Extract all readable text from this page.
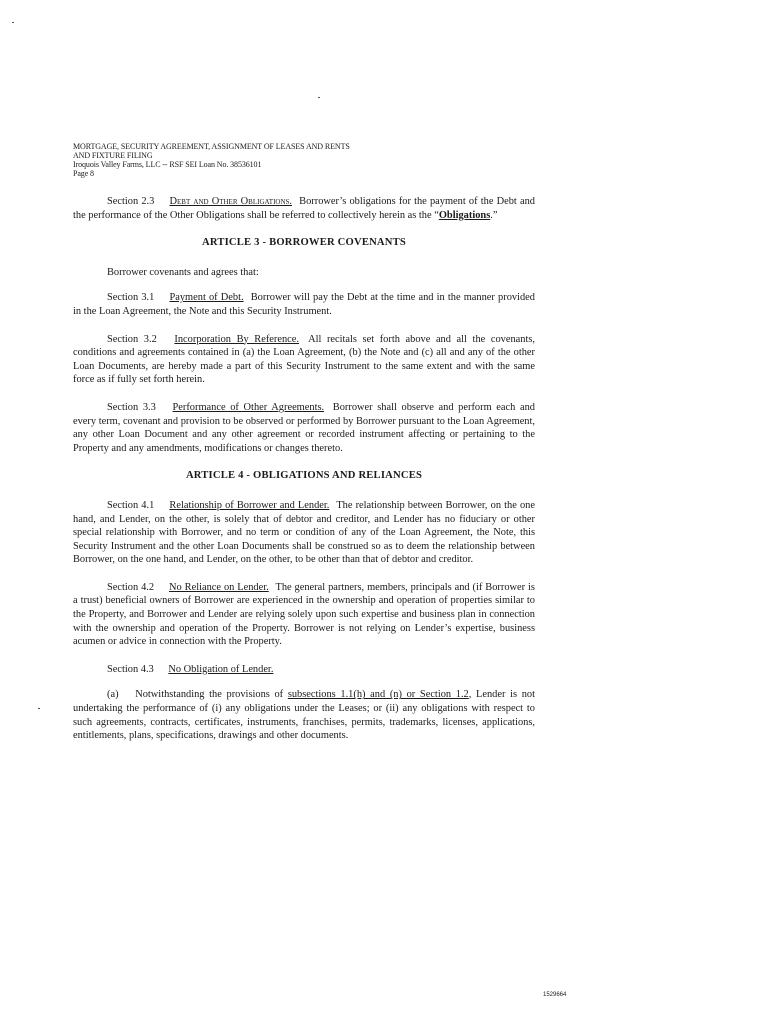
MORTGAGE, SECURITY AGREEMENT, ASSIGNMENT OF LEASES AND RENTS
AND FIXTURE FILING
Iroquois Valley Farms, LLC -- RSF SEI Loan No. 38536101
Page 8

Section 2.3 Debt and Other Obligations. Borrower’s obligations for the payment of the Debt and the performance of the Other Obligations shall be referred to collectively herein as the “Obligations.”

ARTICLE 3 - BORROWER COVENANTS

Borrower covenants and agrees that:

Section 3.1 Payment of Debt. Borrower will pay the Debt at the time and in the manner provided in the Loan Agreement, the Note and this Security Instrument.

Section 3.2 Incorporation By Reference. All recitals set forth above and all the covenants, conditions and agreements contained in (a) the Loan Agreement, (b) the Note and (c) all and any of the other Loan Documents, are hereby made a part of this Security Instrument to the same extent and with the same force as if fully set forth herein.

Section 3.3 Performance of Other Agreements. Borrower shall observe and perform each and every term, covenant and provision to be observed or performed by Borrower pursuant to the Loan Agreement, any other Loan Document and any other agreement or recorded instrument affecting or pertaining to the Property and any amendments, modifications or changes thereto.

ARTICLE 4 - OBLIGATIONS AND RELIANCES

Section 4.1 Relationship of Borrower and Lender. The relationship between Borrower, on the one hand, and Lender, on the other, is solely that of debtor and creditor, and Lender has no fiduciary or other special relationship with Borrower, and no term or condition of any of the Loan Agreement, the Note, this Security Instrument and the other Loan Documents shall be construed so as to deem the relationship between Borrower, on the one hand, and Lender, on the other, to be other than that of debtor and creditor.

Section 4.2 No Reliance on Lender. The general partners, members, principals and (if Borrower is a trust) beneficial owners of Borrower are experienced in the ownership and operation of properties similar to the Property, and Borrower and Lender are relying solely upon such expertise and business plan in connection with the ownership and operation of the Property. Borrower is not relying on Lender’s expertise, business acumen or advice in connection with the Property.

Section 4.3 No Obligation of Lender.

(a) Notwithstanding the provisions of subsections 1.1(h) and (n) or Section 1.2, Lender is not undertaking the performance of (i) any obligations under the Leases; or (ii) any obligations with respect to such agreements, contracts, certificates, instruments, franchises, permits, trademarks, licenses, applications, entitlements, plans, specifications, drawings and other documents.

1529664
